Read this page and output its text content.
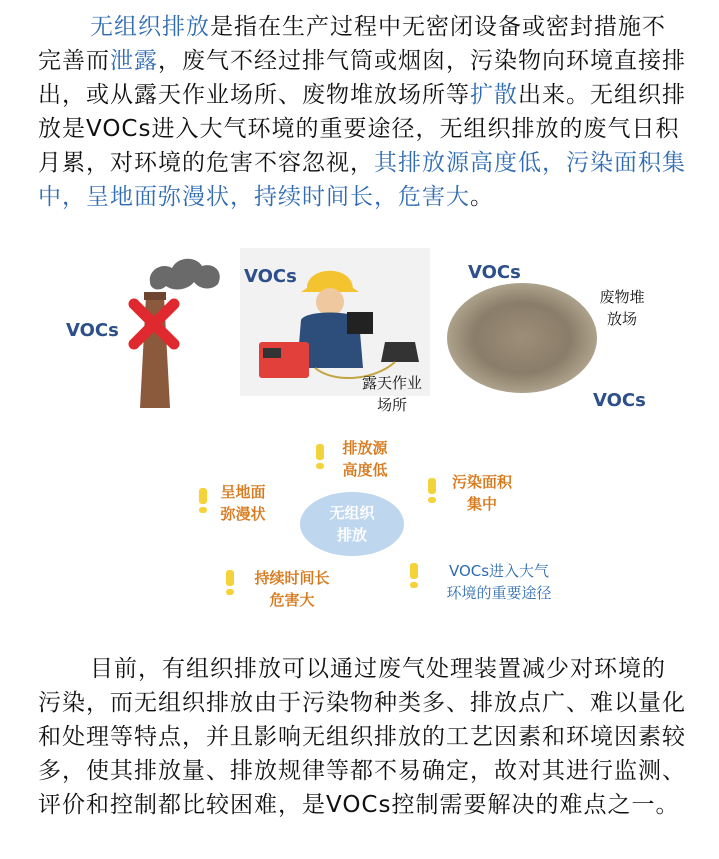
无组织排放是指在生产过程中无密闭设备或密封措施不完善而泄露，废气不经过排气筒或烟囱，污染物向环境直接排出，或从露天作业场所、废物堆放场所等扩散出来。无组织排放是VOCs进入大气环境的重要途径，无组织排放的废气日积月累，对环境的危害不容忽视，其排放源高度低，污染面积集中，呈地面弥漫状，持续时间长，危害大。
VOCs
VOCs
露天作业
场所
VOCs
VOCs
废物堆
放场
无组织
排放
排放源
高度低
污染面积
集中
呈地面
弥漫状
持续时间长
危害大
VOCs进入大气
环境的重要途径
目前，有组织排放可以通过废气处理装置减少对环境的污染，而无组织排放由于污染物种类多、排放点广、难以量化和处理等特点，并且影响无组织排放的工艺因素和环境因素较多，使其排放量、排放规律等都不易确定，故对其进行监测、评价和控制都比较困难，是VOCs控制需要解决的难点之一。
